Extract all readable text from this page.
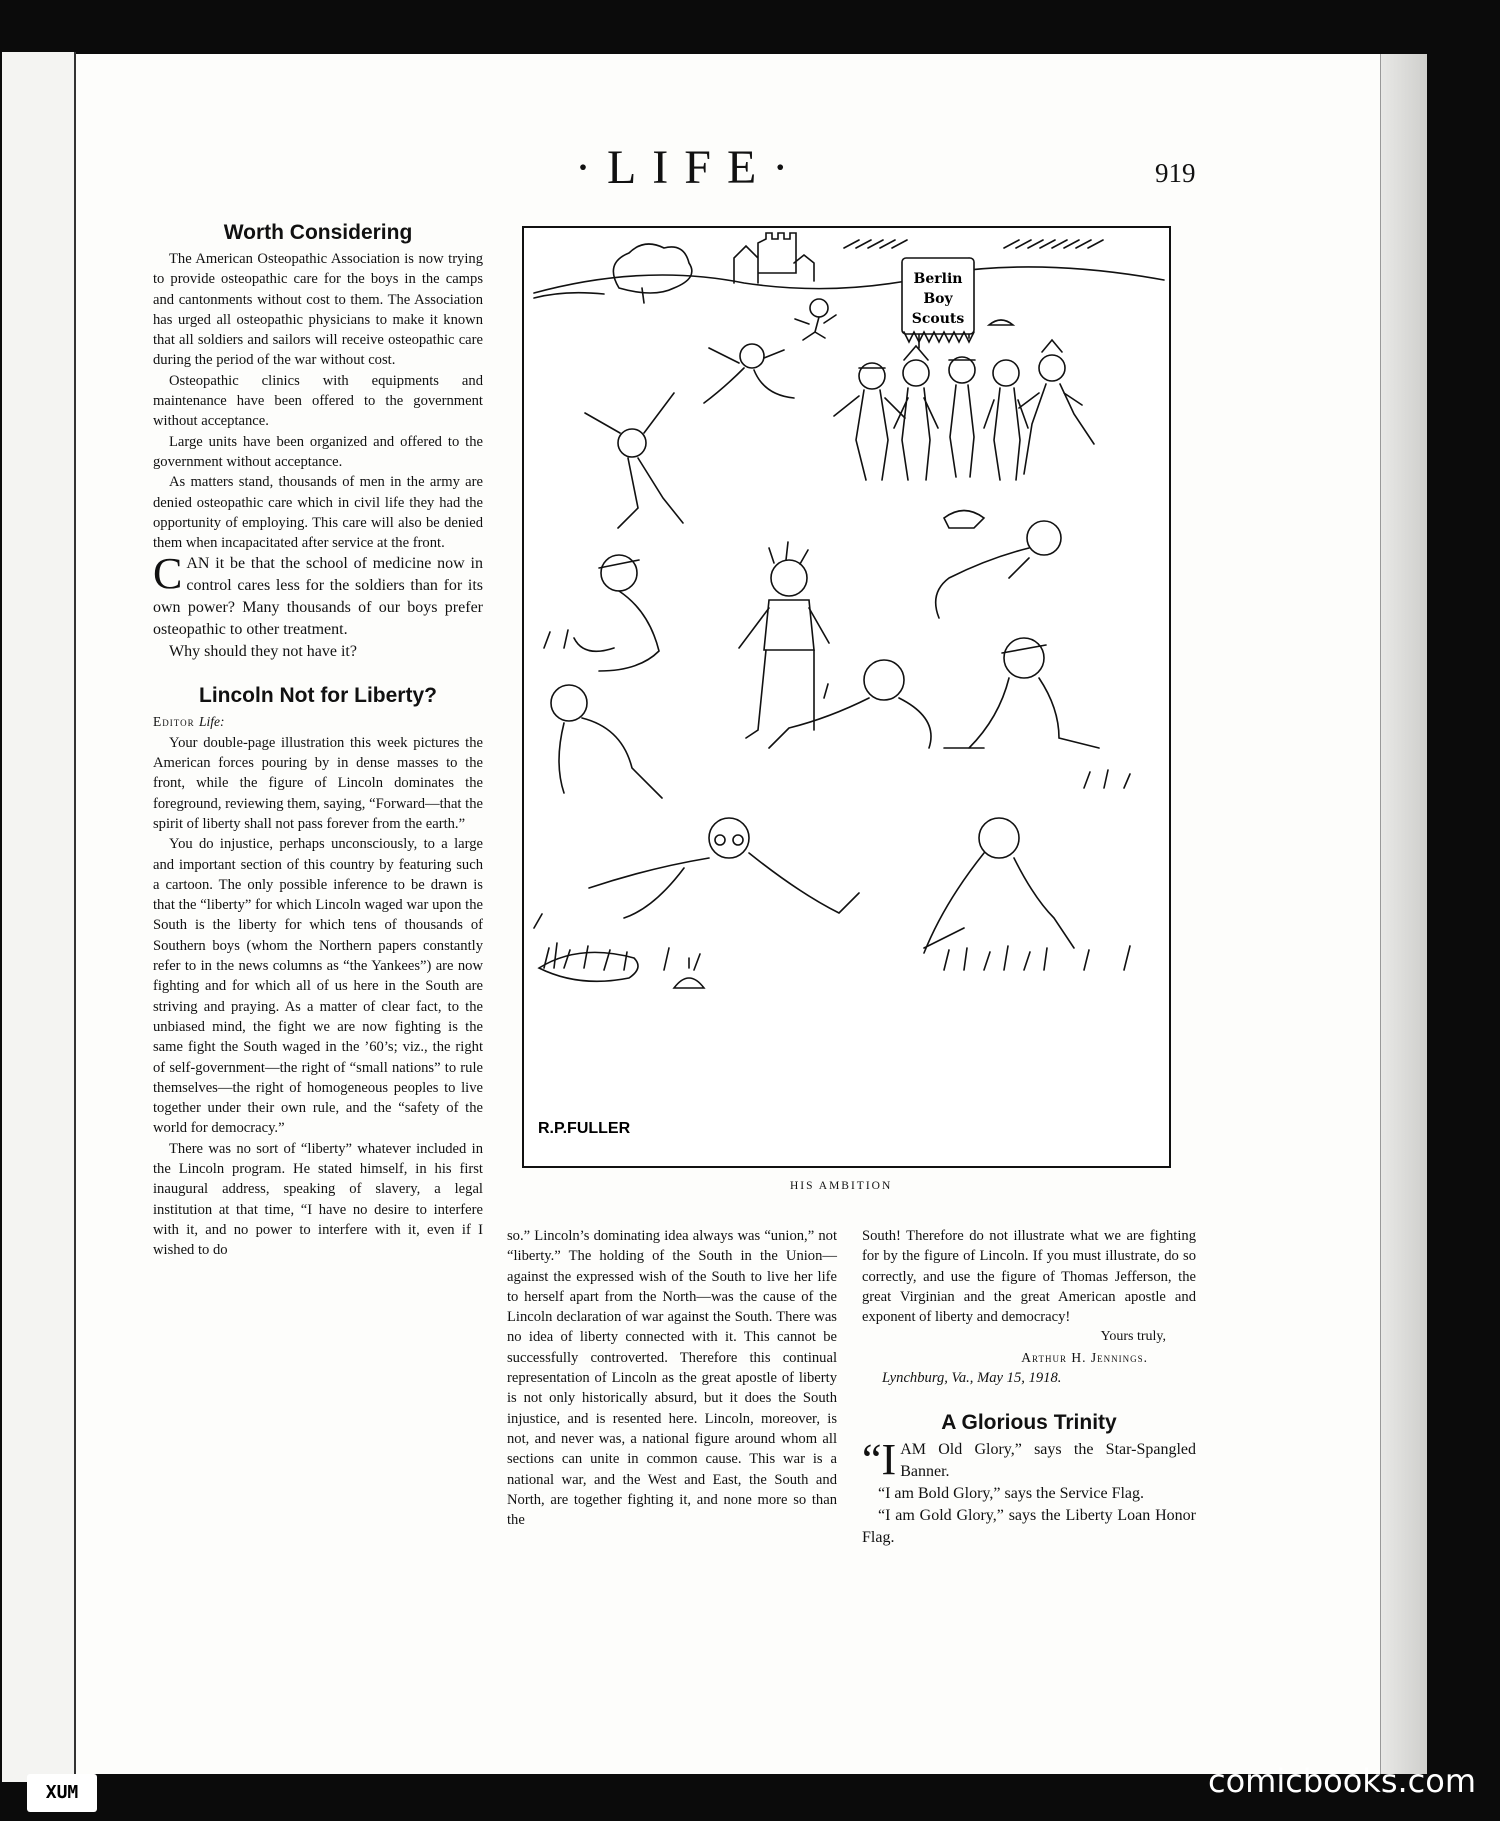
·LIFE·	919
Worth Considering

The American Osteopathic Association is now trying to provide osteopathic care for the boys in the camps and cantonments without cost to them. The Association has urged all osteopathic physicians to make it known that all soldiers and sailors will receive osteopathic care during the period of the war without cost.

Osteopathic clinics with equipments and maintenance have been offered to the government without acceptance.

Large units have been organized and offered to the government without acceptance.

As matters stand, thousands of men in the army are denied osteopathic care which in civil life they had the opportunity of employing. This care will also be denied them when incapacitated after service at the front.

CAN it be that the school of medicine now in control cares less for the soldiers than for its own power? Many thousands of our boys prefer osteopathic to other treatment.

Why should they not have it?

Lincoln Not for Liberty?

Editor Life:

Your double-page illustration this week pictures the American forces pouring by in dense masses to the front, while the figure of Lincoln dominates the foreground, reviewing them, saying, “Forward—that the spirit of liberty shall not pass forever from the earth.”

You do injustice, perhaps unconsciously, to a large and important section of this country by featuring such a cartoon. The only possible inference to be drawn is that the “liberty” for which Lincoln waged war upon the South is the liberty for which tens of thousands of Southern boys (whom the Northern papers constantly refer to in the news columns as “the Yankees”) are now fighting and for which all of us here in the South are striving and praying. As a matter of clear fact, to the unbiased mind, the fight we are now fighting is the same fight the South waged in the ’60’s; viz., the right of self-government—the right of “small nations” to rule themselves—the right of homogeneous peoples to live together under their own rule, and the “safety of the world for democracy.”

There was no sort of “liberty” whatever included in the Lincoln program. He stated himself, in his first inaugural address, speaking of slavery, a legal institution at that time, “I have no desire to interfere with it, and no power to interfere with it, even if I wished to do

Berlin
Boy
Scouts
R.P.FULLER
HIS AMBITION

so.” Lincoln’s dominating idea always was “union,” not “liberty.” The holding of the South in the Union—against the expressed wish of the South to live her life to herself apart from the North—was the cause of the Lincoln declaration of war against the South. There was no idea of liberty connected with it. This cannot be successfully controverted. Therefore this continual representation of Lincoln as the great apostle of liberty is not only historically absurd, but it does the South injustice, and is resented here. Lincoln, moreover, is not, and never was, a national figure around whom all sections can unite in common cause. This war is a national war, and the West and East, the South and North, are together fighting it, and none more so than the

South! Therefore do not illustrate what we are fighting for by the figure of Lincoln. If you must illustrate, do so correctly, and use the figure of Thomas Jefferson, the great Virginian and the great American apostle and exponent of liberty and democracy!

Yours truly,
Arthur H. Jennings.

Lynchburg, Va., May 15, 1918.

A Glorious Trinity

“IAM Old Glory,” says the Star-Spangled Banner.

“I am Bold Glory,” says the Service Flag.

“I am Gold Glory,” says the Liberty Loan Honor Flag.

XUM	comicbooks.com
